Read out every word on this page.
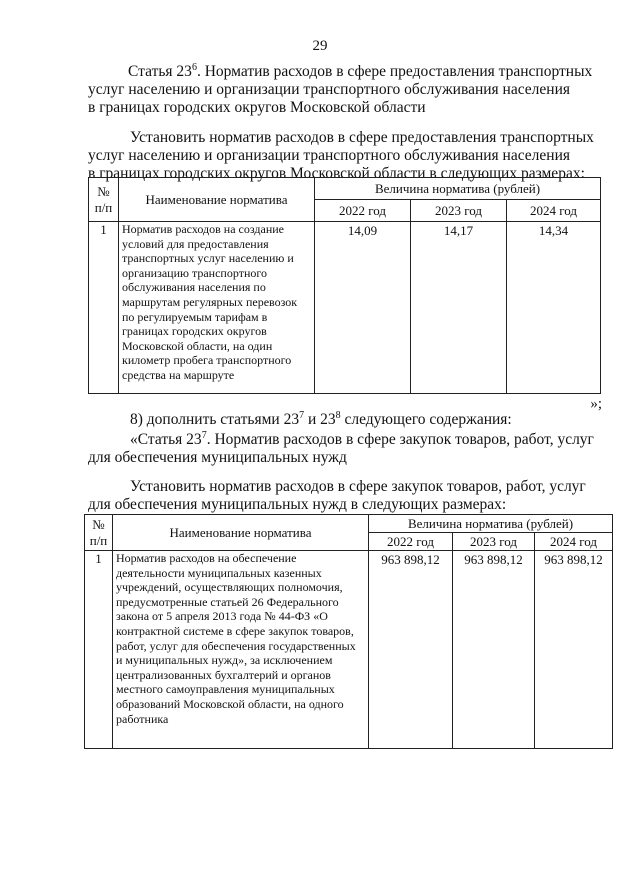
29
Статья $23^6$. Норматив расходов в сфере предоставления транспортных
услуг населению и организации транспортного обслуживания населения
в границах городских округов Московской области
Установить норматив расходов в сфере предоставления транспортных
услуг населению и организации транспортного обслуживания населения
в границах городских округов Московской области в следующих размерах:
№ п/п	Наименование норматива	Величина норматива (рублей)		
		2022 год	2023 год	2024 год
1	Норматив расходов на создание условий для предоставления транспортных услуг населению и организацию транспортного обслуживания населения по маршрутам регулярных перевозок по регулируемым тарифам в границах городских округов Московской области, на один километр пробега транспортного средства на маршруте	14,09	14,17	14,34
»;
8) дополнить статьями $23^7$ и $23^8$ следующего содержания:
«Статья $23^7$. Норматив расходов в сфере закупок товаров, работ, услуг
для обеспечения муниципальных нужд
Установить норматив расходов в сфере закупок товаров, работ, услуг
для обеспечения муниципальных нужд в следующих размерах:
№ п/п	Наименование норматива	Величина норматива (рублей)		
		2022 год	2023 год	2024 год
1	Норматив расходов на обеспечение деятельности муниципальных казенных учреждений, осуществляющих полномочия, предусмотренные статьей 26 Федерального закона от 5 апреля 2013 года № 44-ФЗ «О контрактной системе в сфере закупок товаров, работ, услуг для обеспечения государственных и муниципальных нужд», за исключением централизованных бухгалтерий и органов местного самоуправления муниципальных образований Московской области, на одного работника	963 898,12	963 898,12	963 898,12
